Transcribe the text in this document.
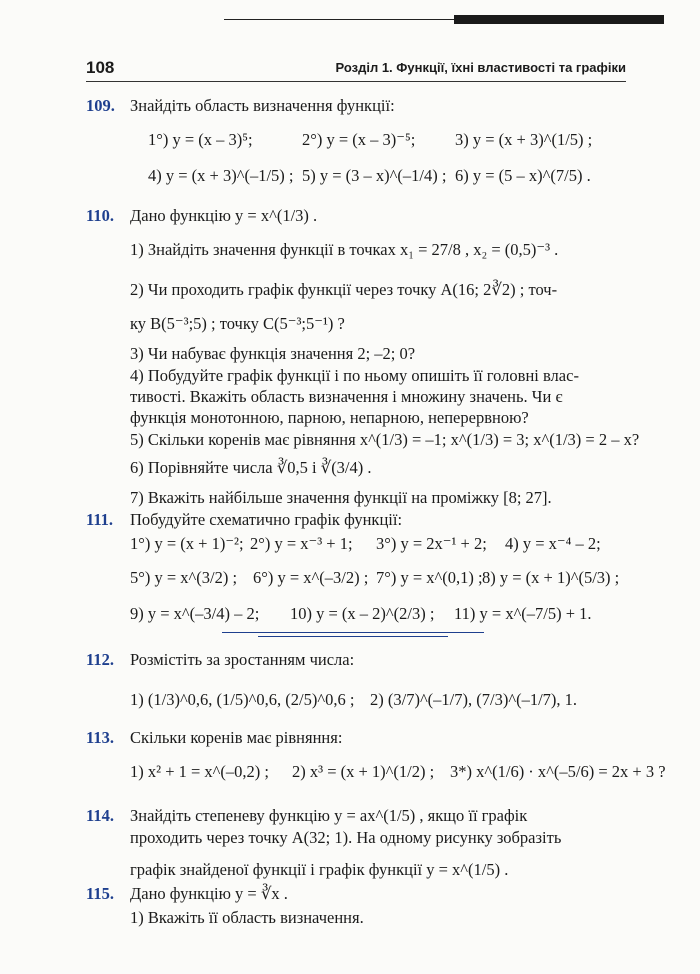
108	Розділ 1. Функції, їхні властивості та графіки
109. Знайдіть область визначення функції:
1°) y = (x – 3)⁵;	2°) y = (x – 3)⁻⁵; 3) y = (x + 3)^(1/5) ;
4) y = (x + 3)^(–1/5) ; 5) y = (3 – x)^(–1/4) ; 6) y = (5 – x)^(7/5) .
110. Дано функцію y = x^(1/3) .
1) Знайдіть значення функції в точках x₁ = 27/8 , x₂ = (0,5)⁻³ .
2) Чи проходить графік функції через точку A(16; 2∛2) ; точ-
ку B(5⁻³;5) ; точку C(5⁻³;5⁻¹) ?
3) Чи набуває функція значення 2; –2; 0?
4) Побудуйте графік функції і по ньому опишіть її головні влас-
тивості. Вкажіть область визначення і множину значень. Чи є
функція монотонною, парною, непарною, неперервною?
5) Скільки коренів має рівняння x^(1/3) = –1; x^(1/3) = 3; x^(1/3) = 2 – x?
6) Порівняйте числа ∛0,5 і ∛(3/4) .
7) Вкажіть найбільше значення функції на проміжку [8; 27].
111. Побудуйте схематично графік функції:
1°) y = (x + 1)⁻²; 2°) y = x⁻³ + 1; 3°) y = 2x⁻¹ + 2; 4) y = x⁻⁴ – 2;
5°) y = x^(3/2) ; 6°) y = x^(–3/2) ; 7°) y = x^(0,1) ; 8) y = (x + 1)^(5/3) ;
9) y = x^(–3/4) – 2; 10) y = (x – 2)^(2/3) ; 11) y = x^(–7/5) + 1.
112. Розмістіть за зростанням числа:
1) (1/3)^0,6, (1/5)^0,6, (2/5)^0,6 ; 2) (3/7)^(–1/7), (7/3)^(–1/7), 1.
113. Скільки коренів має рівняння:
1) x² + 1 = x^(–0,2) ; 2) x³ = (x + 1)^(1/2) ; 3*) x^(1/6) · x^(–5/6) = 2x + 3 ?
114. Знайдіть степеневу функцію y = ax^(1/5) , якщо її графік
проходить через точку A(32; 1). На одному рисунку зобразіть
графік знайденої функції і графік функції y = x^(1/5) .
115. Дано функцію y = ∛x .
1) Вкажіть її область визначення.
